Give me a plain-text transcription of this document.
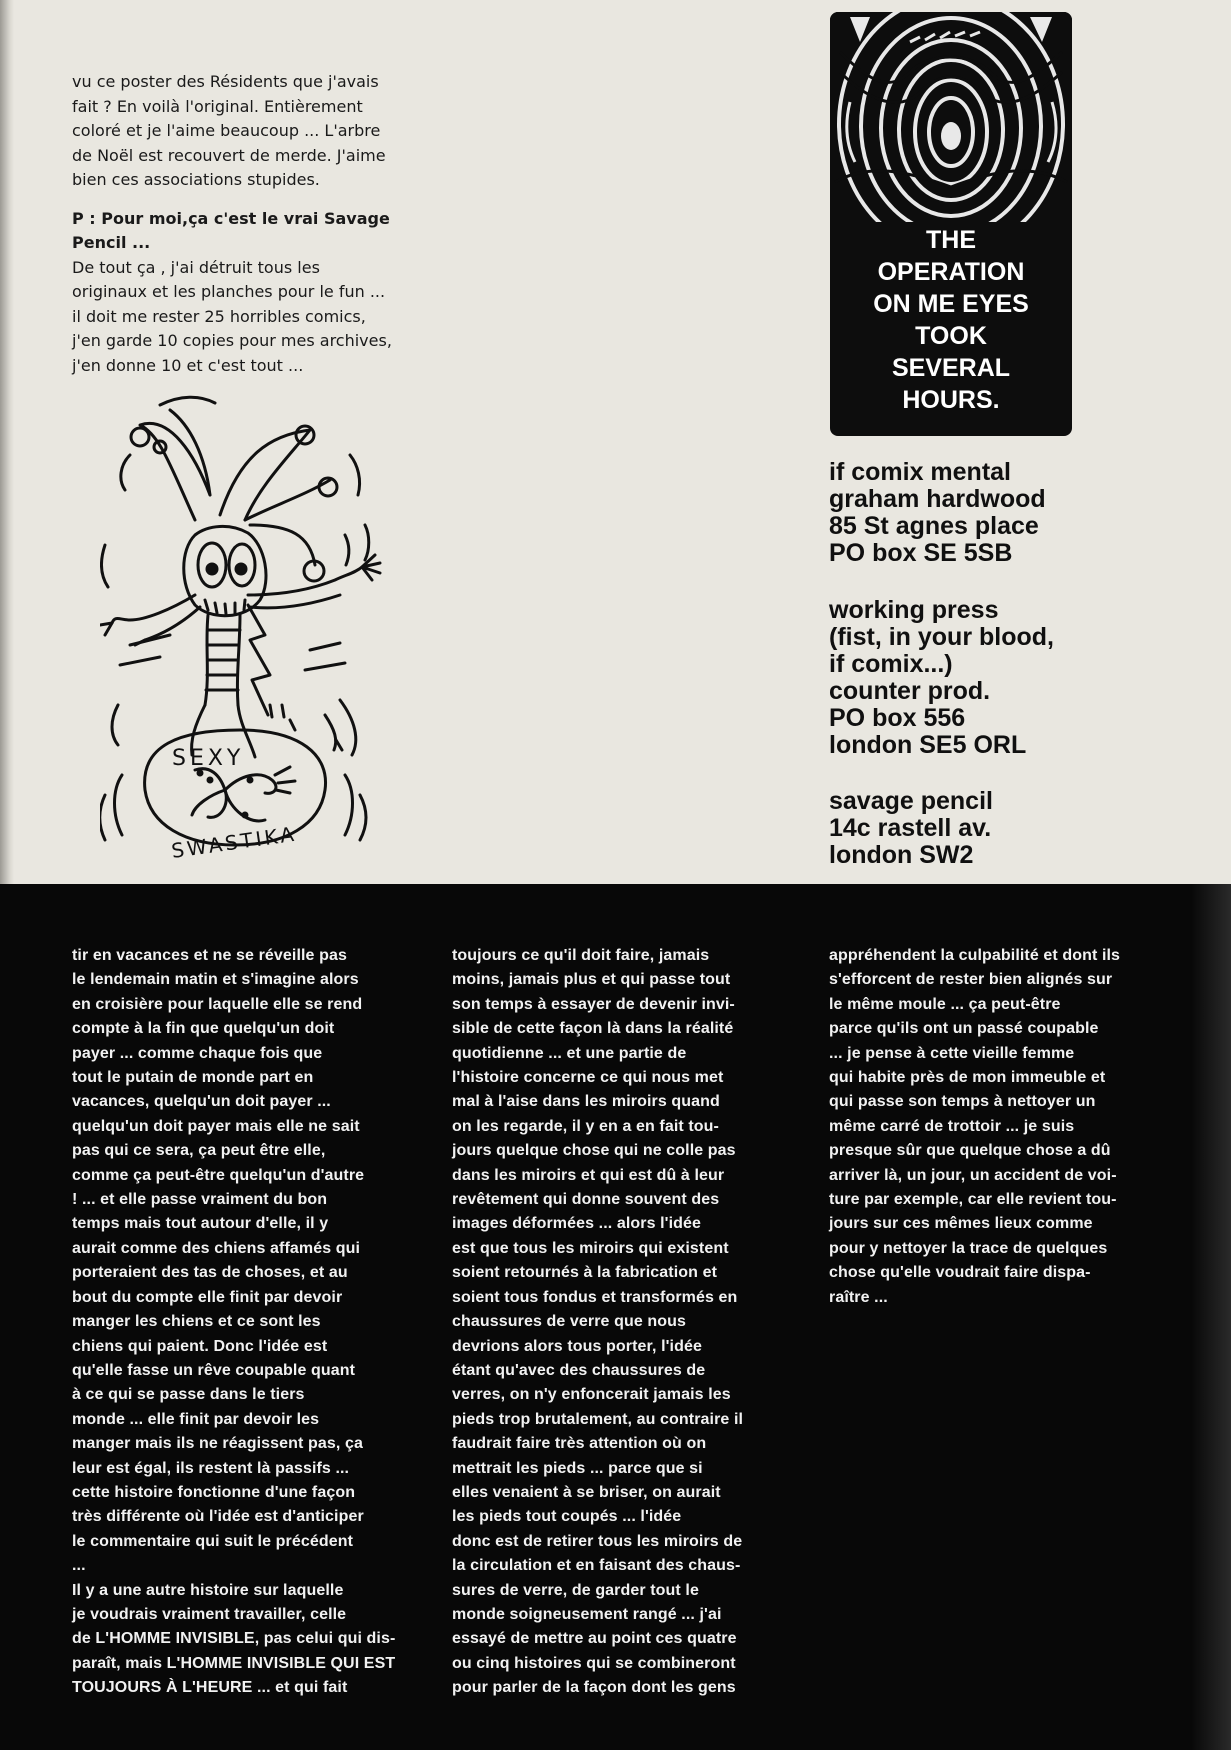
vu ce poster des Résidents que j'avais
fait ? En voilà l'original. Entièrement
coloré et je l'aime beaucoup ... L'arbre
de Noël est recouvert de merde. J'aime
bien ces associations stupides.

P : Pour moi,ça c'est le vrai Savage
Pencil ...

De tout ça , j'ai détruit tous les
originaux et les planches pour le fun ...
il doit me rester 25 horribles comics,
j'en garde 10 copies pour mes archives,
j'en donne 10 et c'est tout ...

SEXY
SWASTIKA
THE
OPERATION
ON ME EYES
TOOK
SEVERAL
HOURS.

if comix mental
graham hardwood
85 St agnes place
PO box SE 5SB

working press
(fist, in your blood,
if comix...)
counter prod.
PO box 556
london SE5 ORL

savage pencil
14c rastell av.
london SW2

tir en vacances et ne se réveille pas
le lendemain matin et s'imagine alors
en croisière pour laquelle elle se rend
compte à la fin que quelqu'un doit
payer ... comme chaque fois que
tout le putain de monde part en
vacances, quelqu'un doit payer ...
quelqu'un doit payer mais elle ne sait
pas qui ce sera, ça peut être elle,
comme ça peut-être quelqu'un d'autre
! ... et elle passe vraiment du bon
temps mais tout autour d'elle, il y
aurait comme des chiens affamés qui
porteraient des tas de choses, et au
bout du compte elle finit par devoir
manger les chiens et ce sont les
chiens qui paient. Donc l'idée est
qu'elle fasse un rêve coupable quant
à ce qui se passe dans le tiers
monde ... elle finit par devoir les
manger mais ils ne réagissent pas, ça
leur est égal, ils restent là passifs ...
cette histoire fonctionne d'une façon
très différente où l'idée est d'anticiper
le commentaire qui suit le précédent
...
Il y a une autre histoire sur laquelle
je voudrais vraiment travailler, celle
de L'HOMME INVISIBLE, pas celui qui dis-
paraît, mais L'HOMME INVISIBLE QUI EST
TOUJOURS À L'HEURE ... et qui fait
toujours ce qu'il doit faire, jamais
moins, jamais plus et qui passe tout
son temps à essayer de devenir invi-
sible de cette façon là dans la réalité
quotidienne ... et une partie de
l'histoire concerne ce qui nous met
mal à l'aise dans les miroirs quand
on les regarde, il y en a en fait tou-
jours quelque chose qui ne colle pas
dans les miroirs et qui est dû à leur
revêtement qui donne souvent des
images déformées ... alors l'idée
est que tous les miroirs qui existent
soient retournés à la fabrication et
soient tous fondus et transformés en
chaussures de verre que nous
devrions alors tous porter, l'idée
étant qu'avec des chaussures de
verres, on n'y enfoncerait jamais les
pieds trop brutalement, au contraire il
faudrait faire très attention où on
mettrait les pieds ... parce que si
elles venaient à se briser, on aurait
les pieds tout coupés ... l'idée
donc est de retirer tous les miroirs de
la circulation et en faisant des chaus-
sures de verre, de garder tout le
monde soigneusement rangé ... j'ai
essayé de mettre au point ces quatre
ou cinq histoires qui se combineront
pour parler de la façon dont les gens
appréhendent la culpabilité et dont ils
s'efforcent de rester bien alignés sur
le même moule ... ça peut-être
parce qu'ils ont un passé coupable
... je pense à cette vieille femme
qui habite près de mon immeuble et
qui passe son temps à nettoyer un
même carré de trottoir ... je suis
presque sûr que quelque chose a dû
arriver là, un jour, un accident de voi-
ture par exemple, car elle revient tou-
jours sur ces mêmes lieux comme
pour y nettoyer la trace de quelques
chose qu'elle voudrait faire dispa-
raître ...
